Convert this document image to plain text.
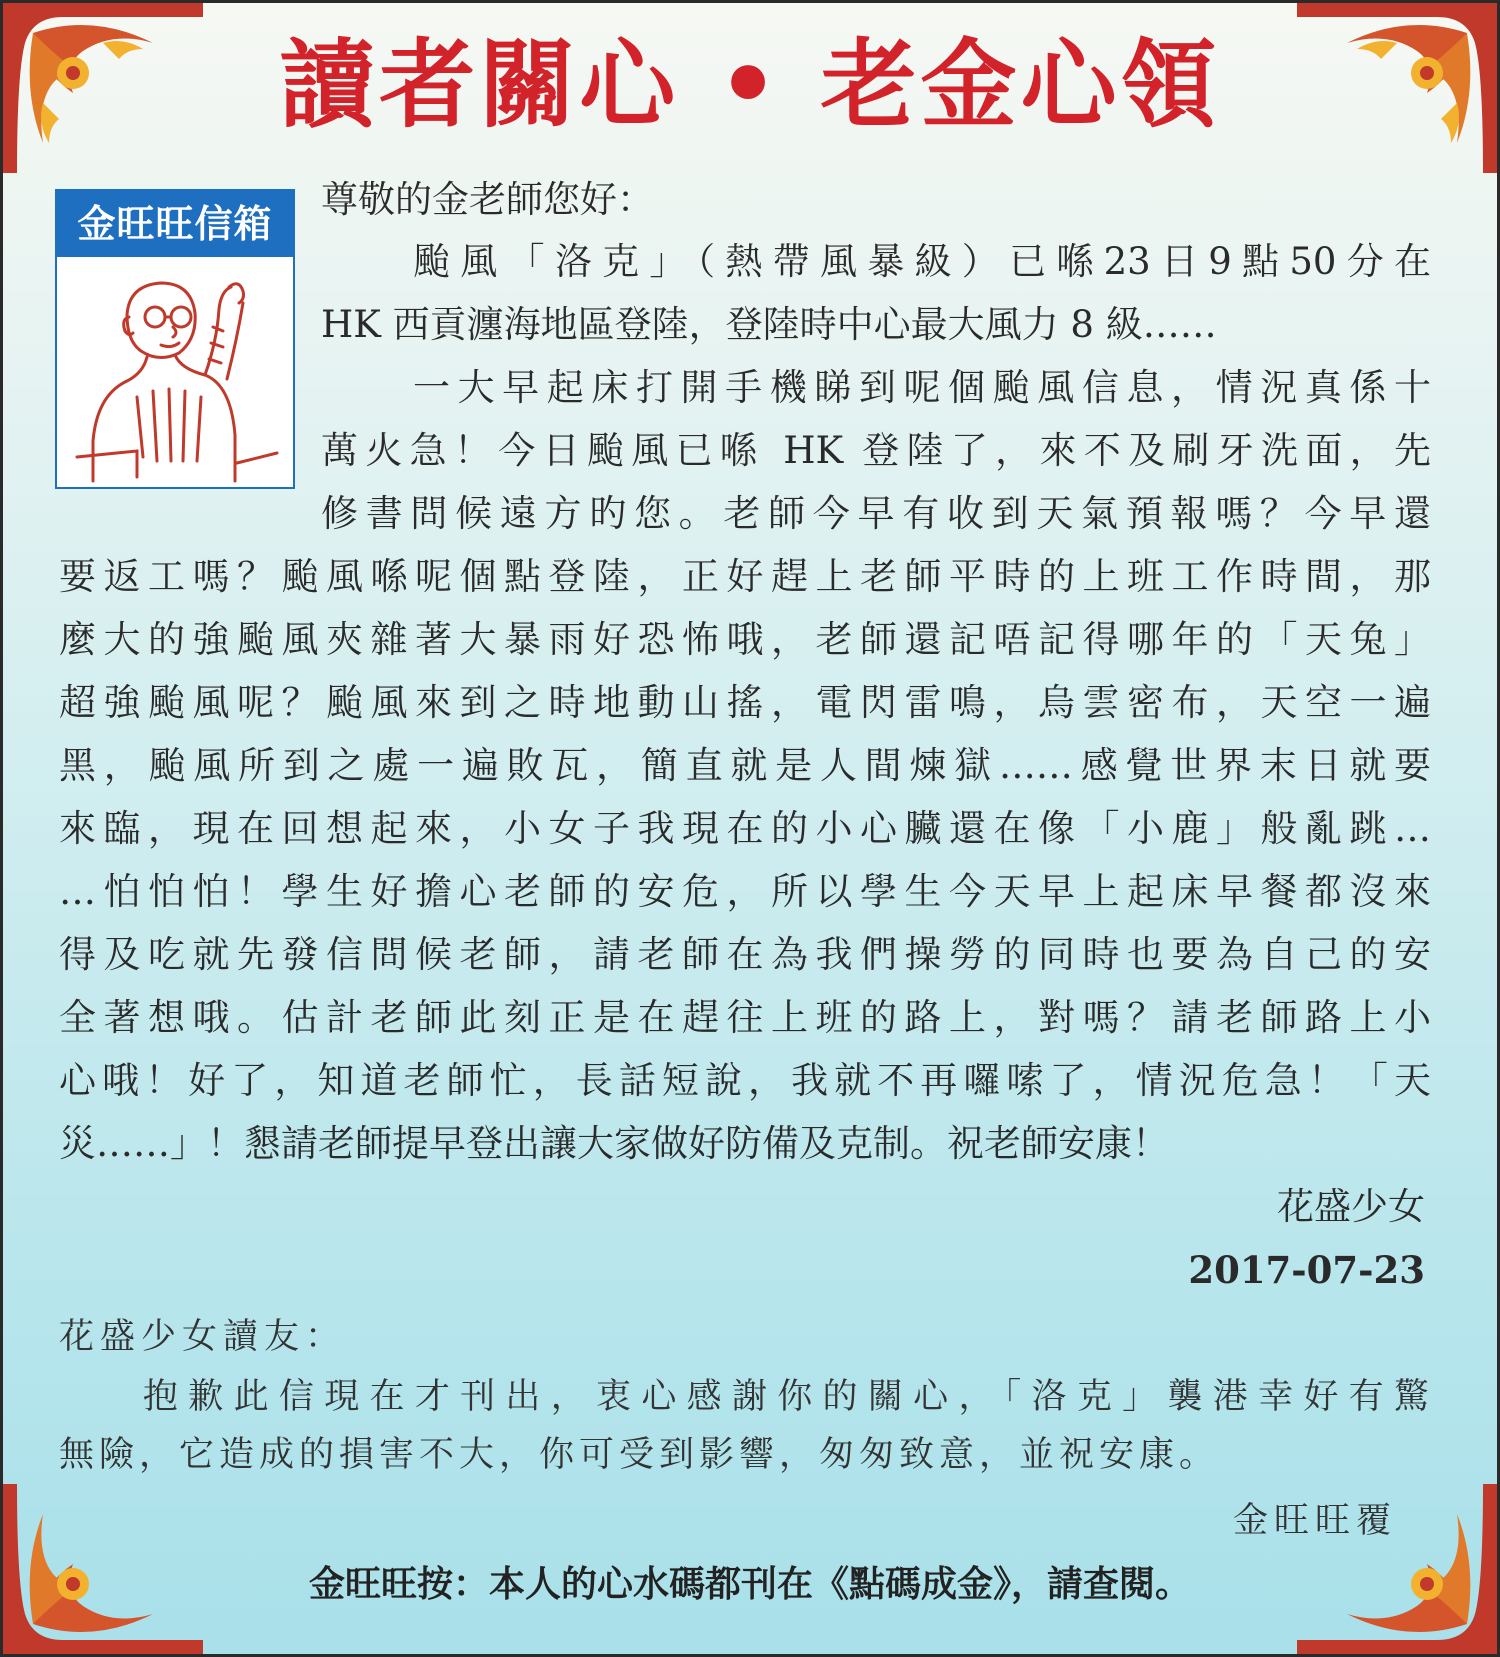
讀者關心 • 老金心領
金旺旺信箱
尊敬的金老師您好：
颱風「洛克」（熱帶風暴級）已喺23日9點50分在
HK 西貢瀍海地區登陸，登陸時中心最大風力 8 級……
一大早起床打開手機睇到呢個颱風信息，情況真係十
萬火急！今日颱風已喺 HK 登陸了，來不及刷牙洗面，先
修書問候遠方旳您。老師今早有收到天氣預報嗎？今早還
要返工嗎？颱風喺呢個點登陸，正好趕上老師平時的上班工作時間，那
麼大的強颱風夾雜著大暴雨好恐怖哦，老師還記唔記得哪年的「天兔」
超強颱風呢？颱風來到之時地動山搖，電閃雷鳴，烏雲密布，天空一遍
黑，颱風所到之處一遍敗瓦，簡直就是人間煉獄……感覺世界末日就要
來臨，現在回想起來，小女子我現在的小心臟還在像「小鹿」般亂跳…
…怕怕怕！學生好擔心老師的安危，所以學生今天早上起床早餐都沒來
得及吃就先發信問候老師，請老師在為我們操勞的同時也要為自己的安
全著想哦。估計老師此刻正是在趕往上班的路上，對嗎？請老師路上小
心哦！好了，知道老師忙，長話短說，我就不再囉嗦了，情況危急！「天
災……」！懇請老師提早登出讓大家做好防備及克制。祝老師安康！
花盛少女
2017-07-23
花盛少女讀友：
抱歉此信現在才刊出，衷心感謝你的關心，「洛克」襲港幸好有驚
無險，它造成的損害不大，你可受到影響，匆匆致意，並祝安康。
金旺旺覆
金旺旺按：本人的心水碼都刊在《點碼成金》，請查閱。
